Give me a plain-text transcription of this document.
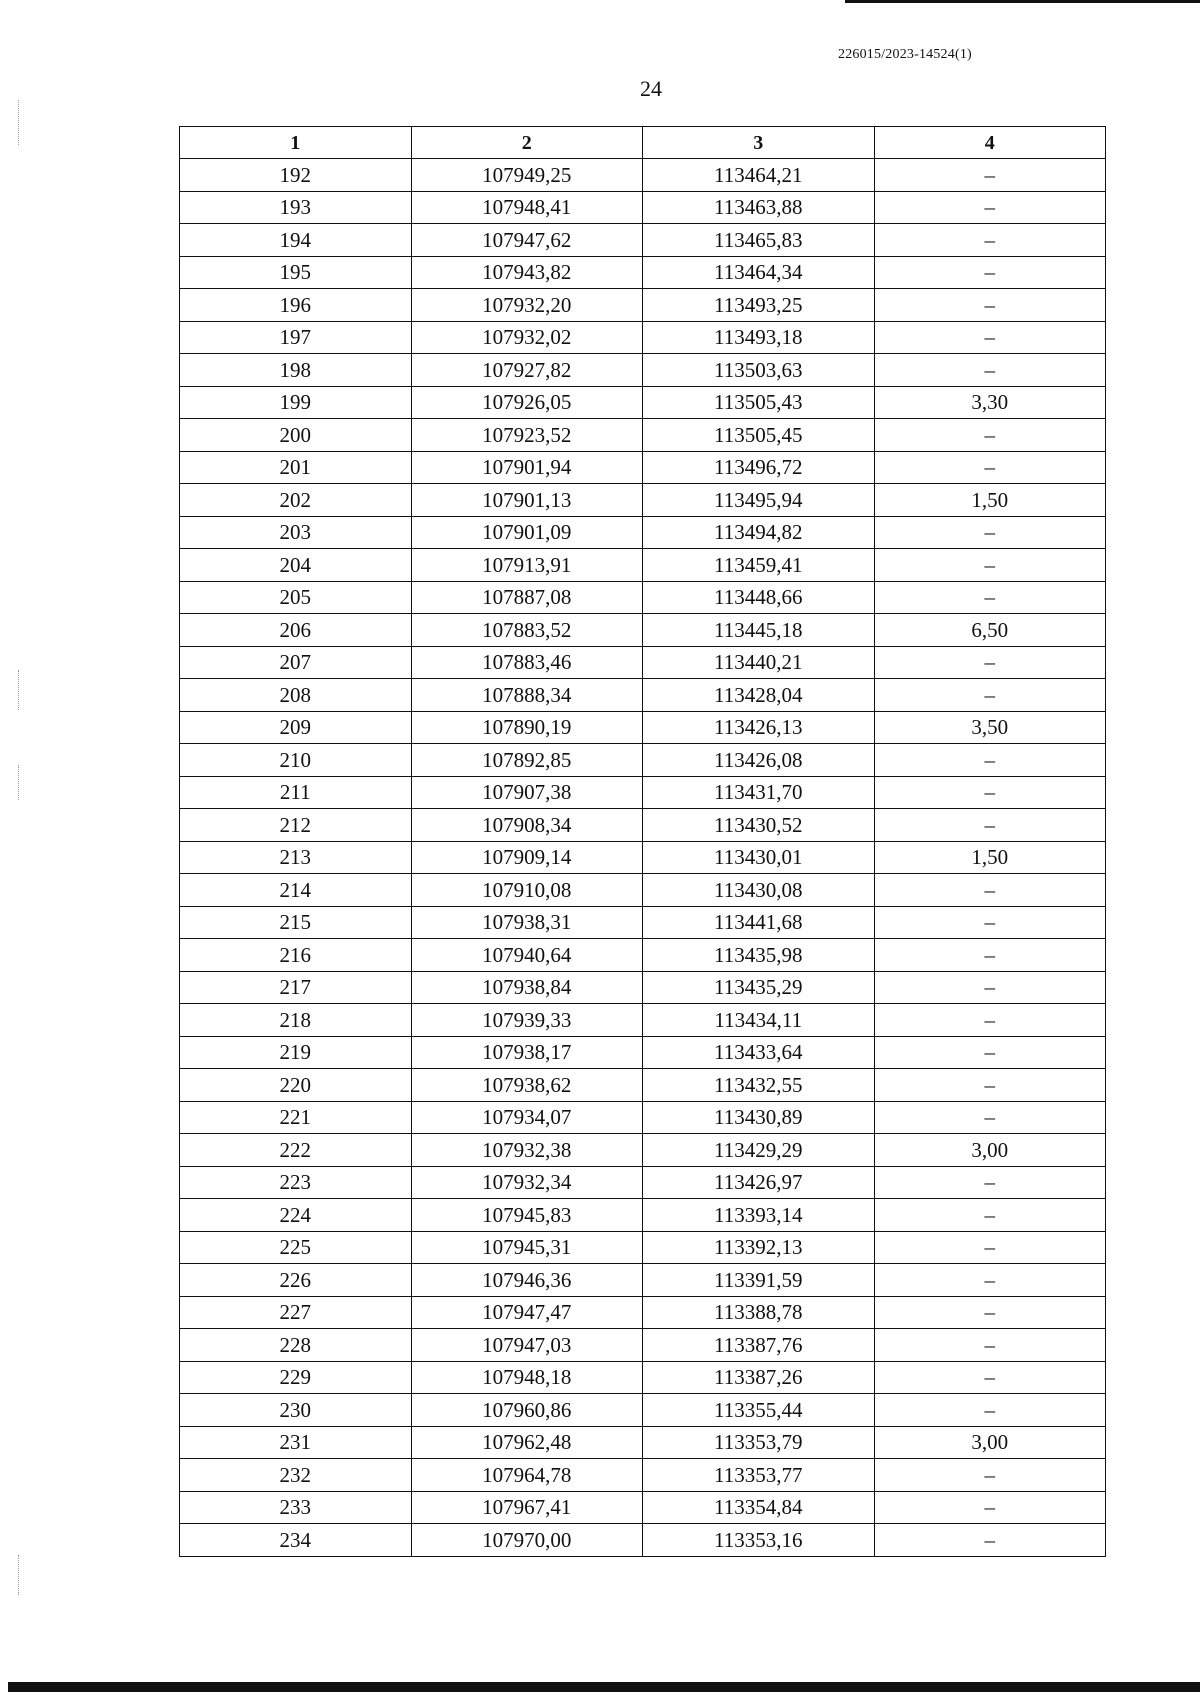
226015/2023-14524(1)
24
1	2	3	4
192	107949,25	113464,21	–
193	107948,41	113463,88	–
194	107947,62	113465,83	–
195	107943,82	113464,34	–
196	107932,20	113493,25	–
197	107932,02	113493,18	–
198	107927,82	113503,63	–
199	107926,05	113505,43	3,30
200	107923,52	113505,45	–
201	107901,94	113496,72	–
202	107901,13	113495,94	1,50
203	107901,09	113494,82	–
204	107913,91	113459,41	–
205	107887,08	113448,66	–
206	107883,52	113445,18	6,50
207	107883,46	113440,21	–
208	107888,34	113428,04	–
209	107890,19	113426,13	3,50
210	107892,85	113426,08	–
211	107907,38	113431,70	–
212	107908,34	113430,52	–
213	107909,14	113430,01	1,50
214	107910,08	113430,08	–
215	107938,31	113441,68	–
216	107940,64	113435,98	–
217	107938,84	113435,29	–
218	107939,33	113434,11	–
219	107938,17	113433,64	–
220	107938,62	113432,55	–
221	107934,07	113430,89	–
222	107932,38	113429,29	3,00
223	107932,34	113426,97	–
224	107945,83	113393,14	–
225	107945,31	113392,13	–
226	107946,36	113391,59	–
227	107947,47	113388,78	–
228	107947,03	113387,76	–
229	107948,18	113387,26	–
230	107960,86	113355,44	–
231	107962,48	113353,79	3,00
232	107964,78	113353,77	–
233	107967,41	113354,84	–
234	107970,00	113353,16	–
